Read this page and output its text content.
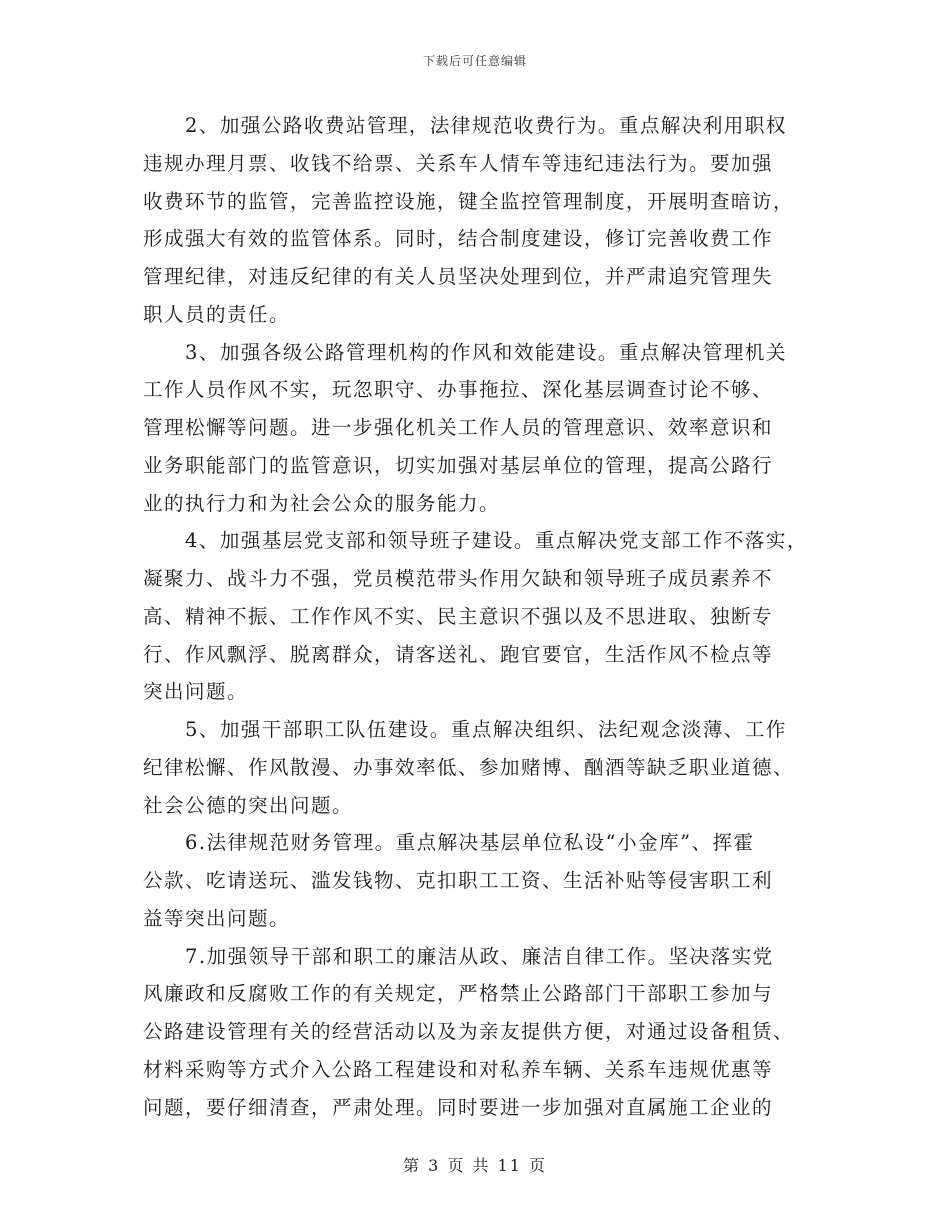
下载后可任意编辑
2、加强公路收费站管理，法律规范收费行为。重点解决利用职权
违规办理月票、收钱不给票、关系车人情车等违纪违法行为。要加强
收费环节的监管，完善监控设施，键全监控管理制度，开展明查暗访，
形成强大有效的监管体系。同时，结合制度建设，修订完善收费工作
管理纪律，对违反纪律的有关人员坚决处理到位，并严肃追究管理失
职人员的责任。
3、加强各级公路管理机构的作风和效能建设。重点解决管理机关
工作人员作风不实，玩忽职守、办事拖拉、深化基层调查讨论不够、
管理松懈等问题。进一步强化机关工作人员的管理意识、效率意识和
业务职能部门的监管意识，切实加强对基层单位的管理，提高公路行
业的执行力和为社会公众的服务能力。
4、加强基层党支部和领导班子建设。重点解决党支部工作不落实，
凝聚力、战斗力不强，党员模范带头作用欠缺和领导班子成员素养不
高、精神不振、工作作风不实、民主意识不强以及不思进取、独断专
行、作风飘浮、脱离群众，请客送礼、跑官要官，生活作风不检点等
突出问题。
5、加强干部职工队伍建设。重点解决组织、法纪观念淡薄、工作
纪律松懈、作风散漫、办事效率低、参加赌博、酗酒等缺乏职业道德、
社会公德的突出问题。
6.法律规范财务管理。重点解决基层单位私设“小金库”、挥霍
公款、吃请送玩、滥发钱物、克扣职工工资、生活补贴等侵害职工利
益等突出问题。
7.加强领导干部和职工的廉洁从政、廉洁自律工作。坚决落实党
风廉政和反腐败工作的有关规定，严格禁止公路部门干部职工参加与
公路建设管理有关的经营活动以及为亲友提供方便，对通过设备租赁、
材料采购等方式介入公路工程建设和对私养车辆、关系车违规优惠等
问题，要仔细清查，严肃处理。同时要进一步加强对直属施工企业的
第 3 页 共 11 页
